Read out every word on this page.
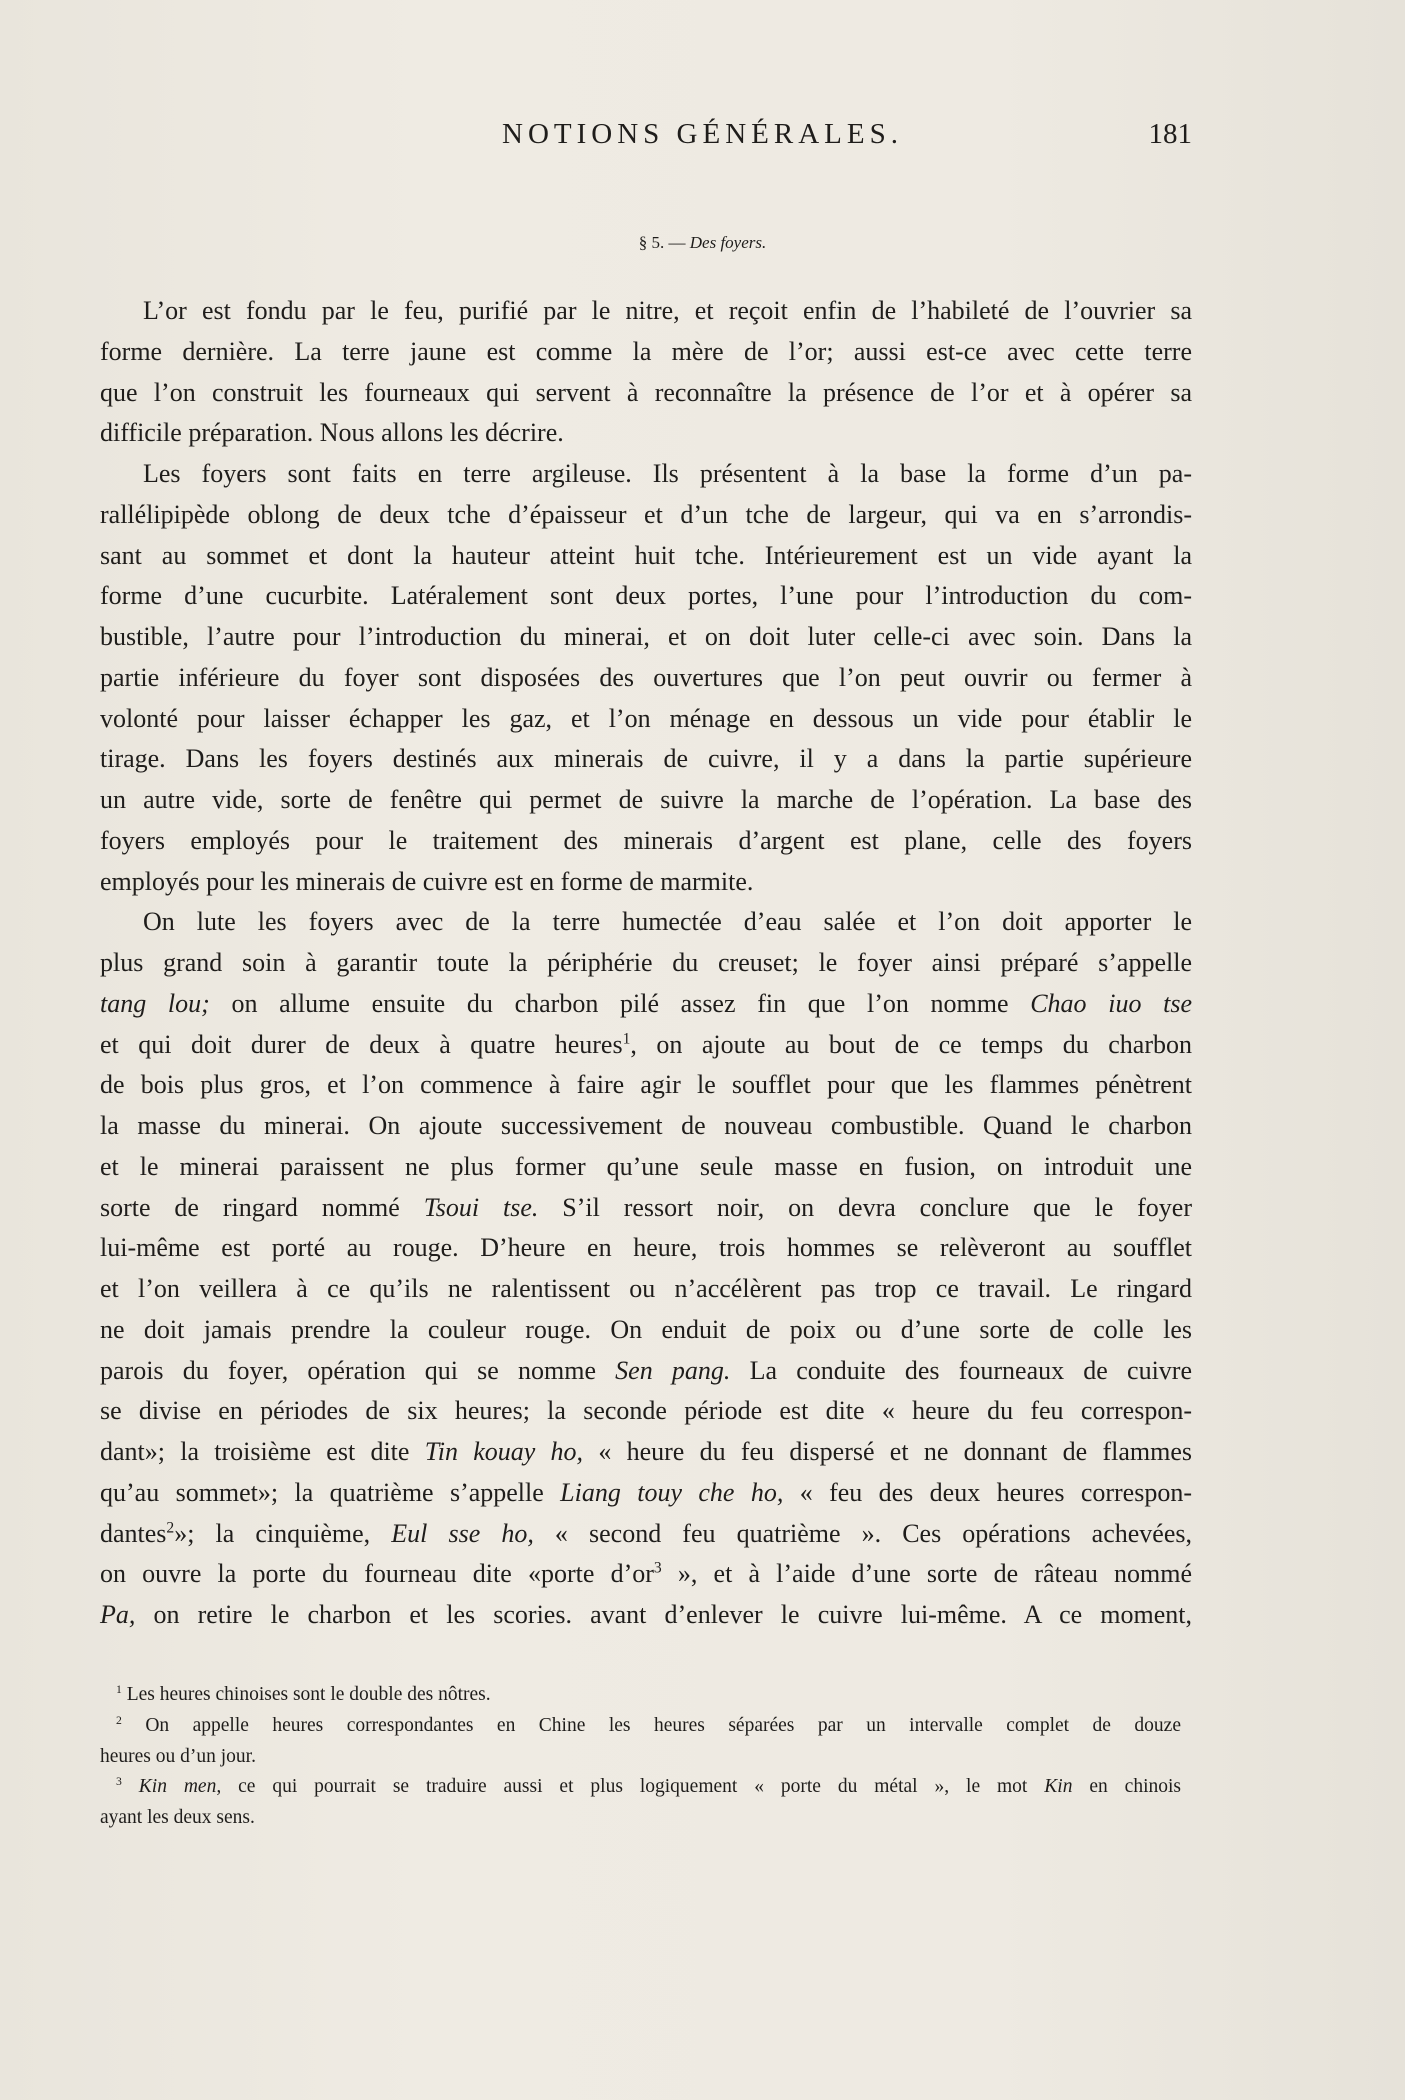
NOTIONS GÉNÉRALES.	181
§ 5. — Des foyers.
L’or est fondu par le feu, purifié par le nitre, et reçoit enfin de l’habileté de l’ouvrier sa
forme dernière. La terre jaune est comme la mère de l’or; aussi est-ce avec cette terre
que l’on construit les fourneaux qui servent à reconnaître la présence de l’or et à opérer sa
difficile préparation. Nous allons les décrire.
Les foyers sont faits en terre argileuse. Ils présentent à la base la forme d’un pa-
rallélipipède oblong de deux tche d’épaisseur et d’un tche de largeur, qui va en s’arrondis-
sant au sommet et dont la hauteur atteint huit tche. Intérieurement est un vide ayant la
forme d’une cucurbite. Latéralement sont deux portes, l’une pour l’introduction du com-
bustible, l’autre pour l’introduction du minerai, et on doit luter celle-ci avec soin. Dans la
partie inférieure du foyer sont disposées des ouvertures que l’on peut ouvrir ou fermer à
volonté pour laisser échapper les gaz, et l’on ménage en dessous un vide pour établir le
tirage. Dans les foyers destinés aux minerais de cuivre, il y a dans la partie supérieure
un autre vide, sorte de fenêtre qui permet de suivre la marche de l’opération. La base des
foyers employés pour le traitement des minerais d’argent est plane, celle des foyers
employés pour les minerais de cuivre est en forme de marmite.
On lute les foyers avec de la terre humectée d’eau salée et l’on doit apporter le
plus grand soin à garantir toute la périphérie du creuset; le foyer ainsi préparé s’appelle
tang lou; on allume ensuite du charbon pilé assez fin que l’on nomme Chao iuo tse
et qui doit durer de deux à quatre heures$^1$, on ajoute au bout de ce temps du charbon
de bois plus gros, et l’on commence à faire agir le soufflet pour que les flammes pénètrent
la masse du minerai. On ajoute successivement de nouveau combustible. Quand le charbon
et le minerai paraissent ne plus former qu’une seule masse en fusion, on introduit une
sorte de ringard nommé Tsoui tse. S’il ressort noir, on devra conclure que le foyer
lui-même est porté au rouge. D’heure en heure, trois hommes se relèveront au soufflet
et l’on veillera à ce qu’ils ne ralentissent ou n’accélèrent pas trop ce travail. Le ringard
ne doit jamais prendre la couleur rouge. On enduit de poix ou d’une sorte de colle les
parois du foyer, opération qui se nomme Sen pang. La conduite des fourneaux de cuivre
se divise en périodes de six heures; la seconde période est dite « heure du feu correspon-
dant»; la troisième est dite Tin kouay ho, « heure du feu dispersé et ne donnant de flammes
qu’au sommet»; la quatrième s’appelle Liang touy che ho, « feu des deux heures correspon-
dantes$^2$»; la cinquième, Eul sse ho, « second feu quatrième ». Ces opérations achevées,
on ouvre la porte du fourneau dite «porte $d’or^3$ », et à l’aide d’une sorte de râteau nommé
Pa, on retire le charbon et les scories. avant d’enlever le cuivre lui-même. A ce moment,
$^1$ Les heures chinoises sont le double des nôtres.
$^2$ On appelle heures correspondantes en Chine les heures séparées par un intervalle complet de douze
heures ou d’un jour.
$^3$ Kin men, ce qui pourrait se traduire aussi et plus logiquement « porte du métal », le mot Kin en chinois
ayant les deux sens.
